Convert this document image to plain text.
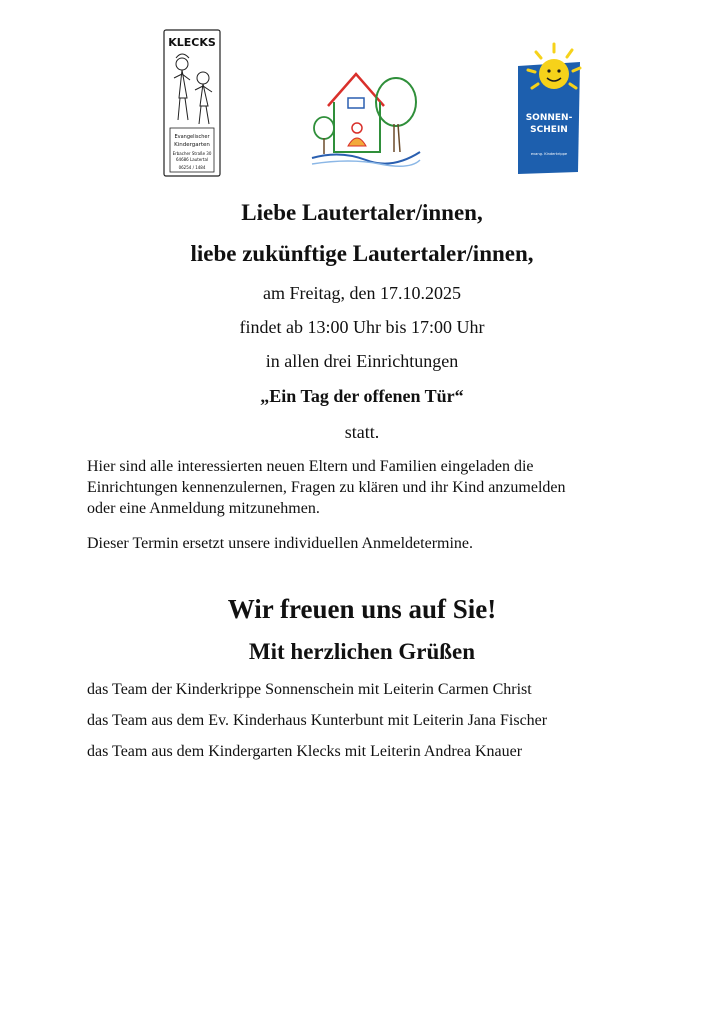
KLECKS
Evangelischer
Kindergarten
Erbacher Straße 30
64686 Lautertal
06254 / 1484
SONNEN-
SCHEIN
evang. Kinderkrippe
Liebe Lautertaler/innen,
liebe zukünftige Lautertaler/innen,
am Freitag, den 17.10.2025
findet ab 13:00 Uhr bis 17:00 Uhr
in allen drei Einrichtungen
„Ein Tag der offenen Tür“
statt.
Hier sind alle interessierten neuen Eltern und Familien eingeladen die
Einrichtungen kennenzulernen, Fragen zu klären und ihr Kind anzumelden
oder eine Anmeldung mitzunehmen.
Dieser Termin ersetzt unsere individuellen Anmeldetermine.
Wir freuen uns auf Sie!
Mit herzlichen Grüßen
das Team der Kinderkrippe Sonnenschein mit Leiterin Carmen Christ
das Team aus dem Ev. Kinderhaus Kunterbunt mit Leiterin Jana Fischer
das Team aus dem Kindergarten Klecks mit Leiterin Andrea Knauer
